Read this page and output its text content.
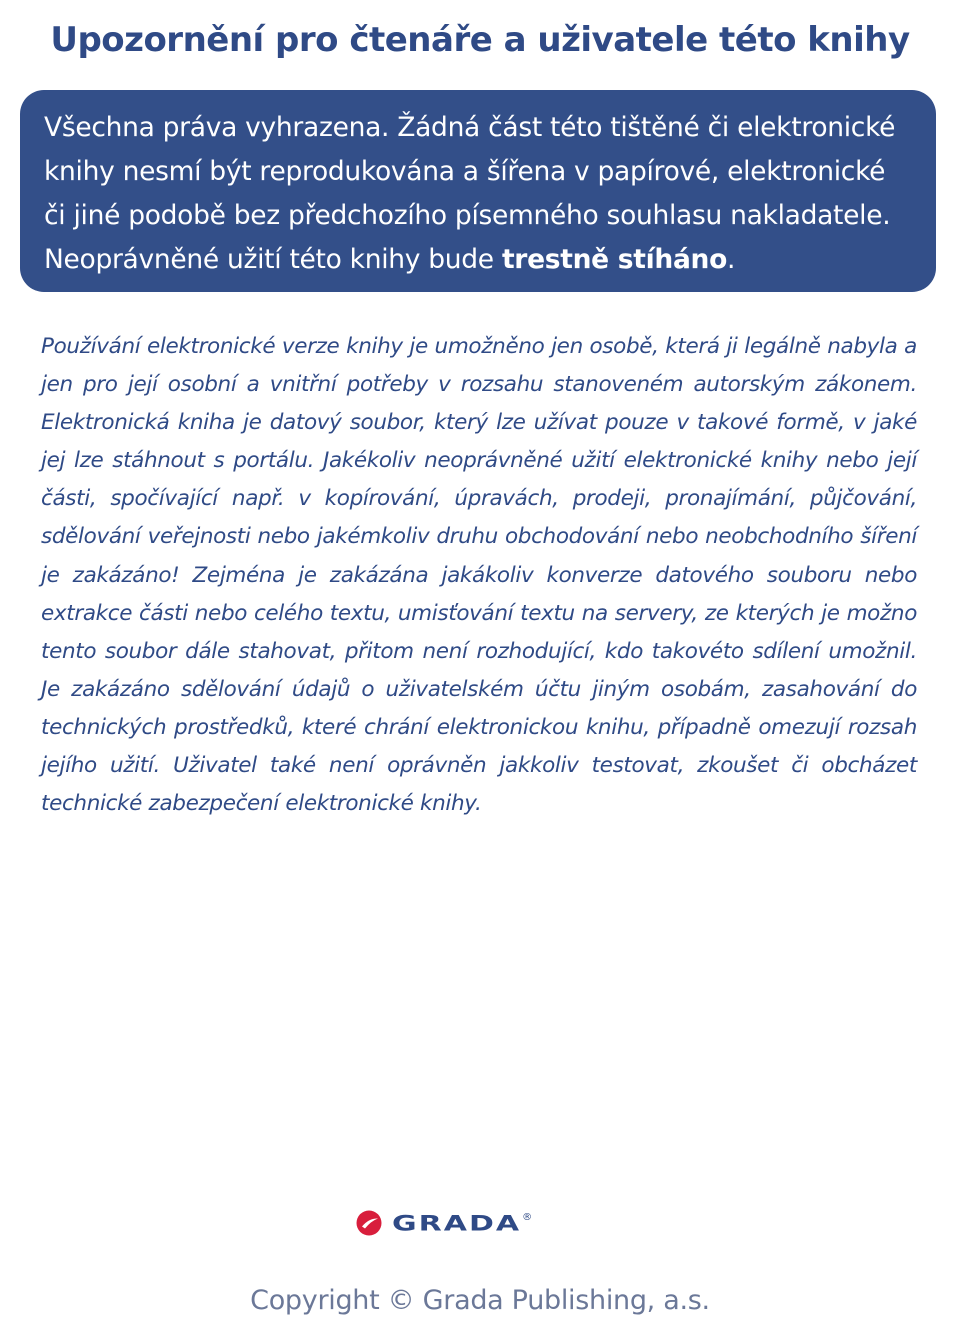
Upozornění pro čtenáře a uživatele této knihy
Všechna práva vyhrazena. Žádná část této tištěné či elektronické knihy nesmí být reprodukována a šířena v papírové, elektronické či jiné podobě bez předchozího písemného souhlasu nakladatele. Neoprávněné užití této knihy bude trestně stíháno.
Používání elektronické verze knihy je umožněno jen osobě, která ji legálně nabyla a jen pro její osobní a vnitřní potřeby v rozsahu stanoveném autorským zákonem. Elektronická kniha je datový soubor, který lze užívat pouze v takové formě, v jaké jej lze stáhnout s portálu. Jakékoliv neoprávněné užití elektronické knihy nebo její části, spočívající např. v kopírování, úpravách, prodeji, pronajímání, půjčování, sdělování veřejnosti nebo jakémkoliv druhu obchodování nebo neobchodního šíření je zakázáno! Zejména je zakázána jakákoliv konverze datového souboru nebo extrakce části nebo celého textu, umisťování textu na servery, ze kterých je možno tento soubor dále stahovat, přitom není rozhodující, kdo takovéto sdílení umožnil. Je zakázáno sdělování údajů o uživatelském účtu jiným osobám, zasahování do technických prostředků, které chrání elektronickou knihu, případně omezují rozsah jejího užití. Uživatel také není oprávněn jakkoliv testovat, zkoušet či obcházet technické zabezpečení elektronické knihy.
GRADA ®
Copyright © Grada Publishing, a.s.
